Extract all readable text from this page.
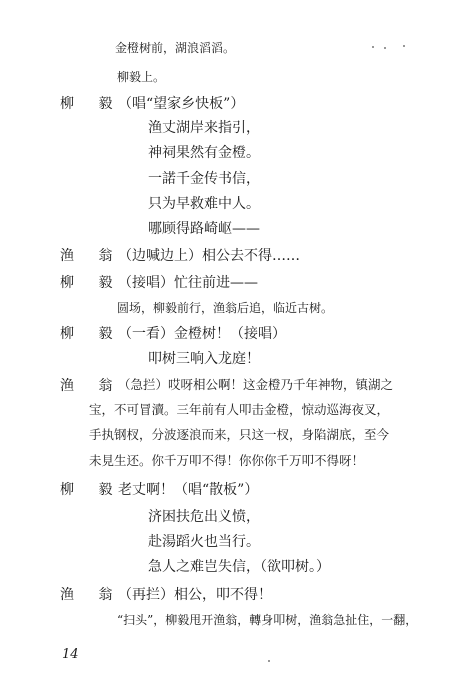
金橙树前，湖浪滔滔。
柳毅上。
柳 毅
（唱“望家乡快板”）
渔丈湖岸来指引，
神祠果然有金橙。
一諾千金传书信，
只为早救难中人。
哪顾得路崎岖——
渔 翁
（边喊边上）相公去不得……
柳 毅
（接唱）忙往前进——
圆场，柳毅前行，渔翁后追，临近古树。
柳 毅
（一看）金橙树！（接唱）
叩树三响入龙庭！
渔 翁
（急拦）哎呀相公啊！这金橙乃千年神物，镇湖之
宝，不可冒瀆。三年前有人叩击金橙，惊动巡海夜叉，
手执钢杈，分波逐浪而来，只这一杈，身陷湖底，至今
未見生还。你千万叩不得！你你你千万叩不得呀！
柳 毅
老丈啊！（唱“散板”）
济困扶危出义愤，
赴湯蹈火也当行。
急人之难岂失信，（欲叩树。）
渔 翁
（再拦）相公，叩不得！
“扫头”，柳毅甩开渔翁，轉身叩树，渔翁急扯住，一翻，
14
